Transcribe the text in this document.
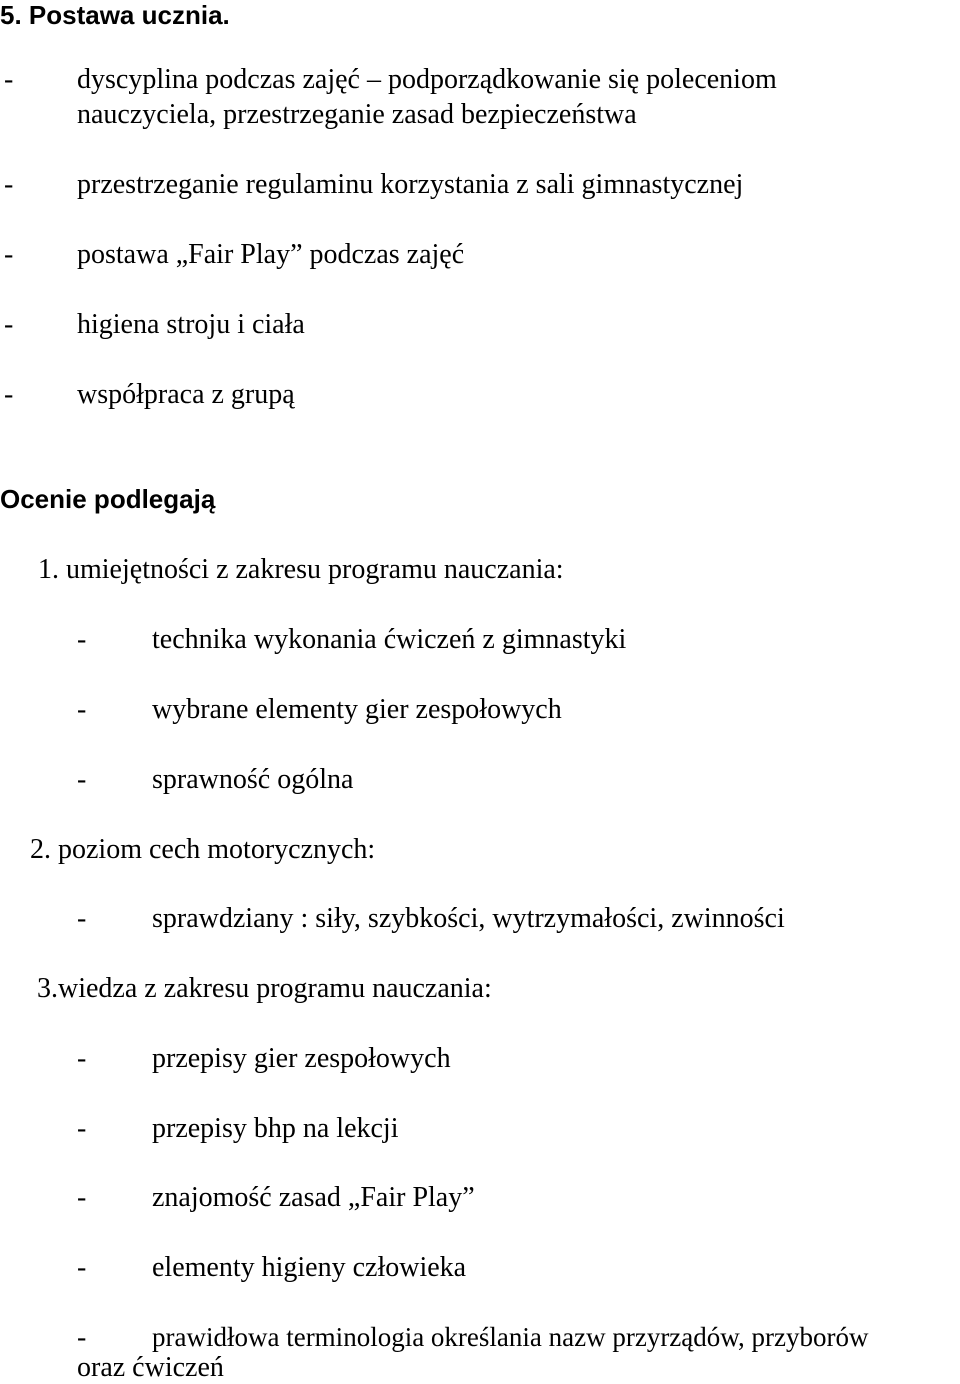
5. Postawa ucznia.
- dyscyplina podczas zajęć – podporządkowanie się poleceniom
nauczyciela, przestrzeganie zasad bezpieczeństwa
- przestrzeganie regulaminu korzystania z sali gimnastycznej
- postawa „Fair Play” podczas zajęć
- higiena stroju i ciała
- współpraca z grupą
Ocenie podlegają
1. umiejętności z zakresu programu nauczania:
- technika wykonania ćwiczeń z gimnastyki
- wybrane elementy gier zespołowych
- sprawność ogólna
2. poziom cech motorycznych:
- sprawdziany : siły, szybkości, wytrzymałości, zwinności
3.wiedza z zakresu programu nauczania:
- przepisy gier zespołowych
- przepisy bhp na lekcji
- znajomość zasad „Fair Play”
- elementy higieny człowieka
- prawidłowa terminologia określania nazw przyrządów, przyborów
oraz ćwiczeń
